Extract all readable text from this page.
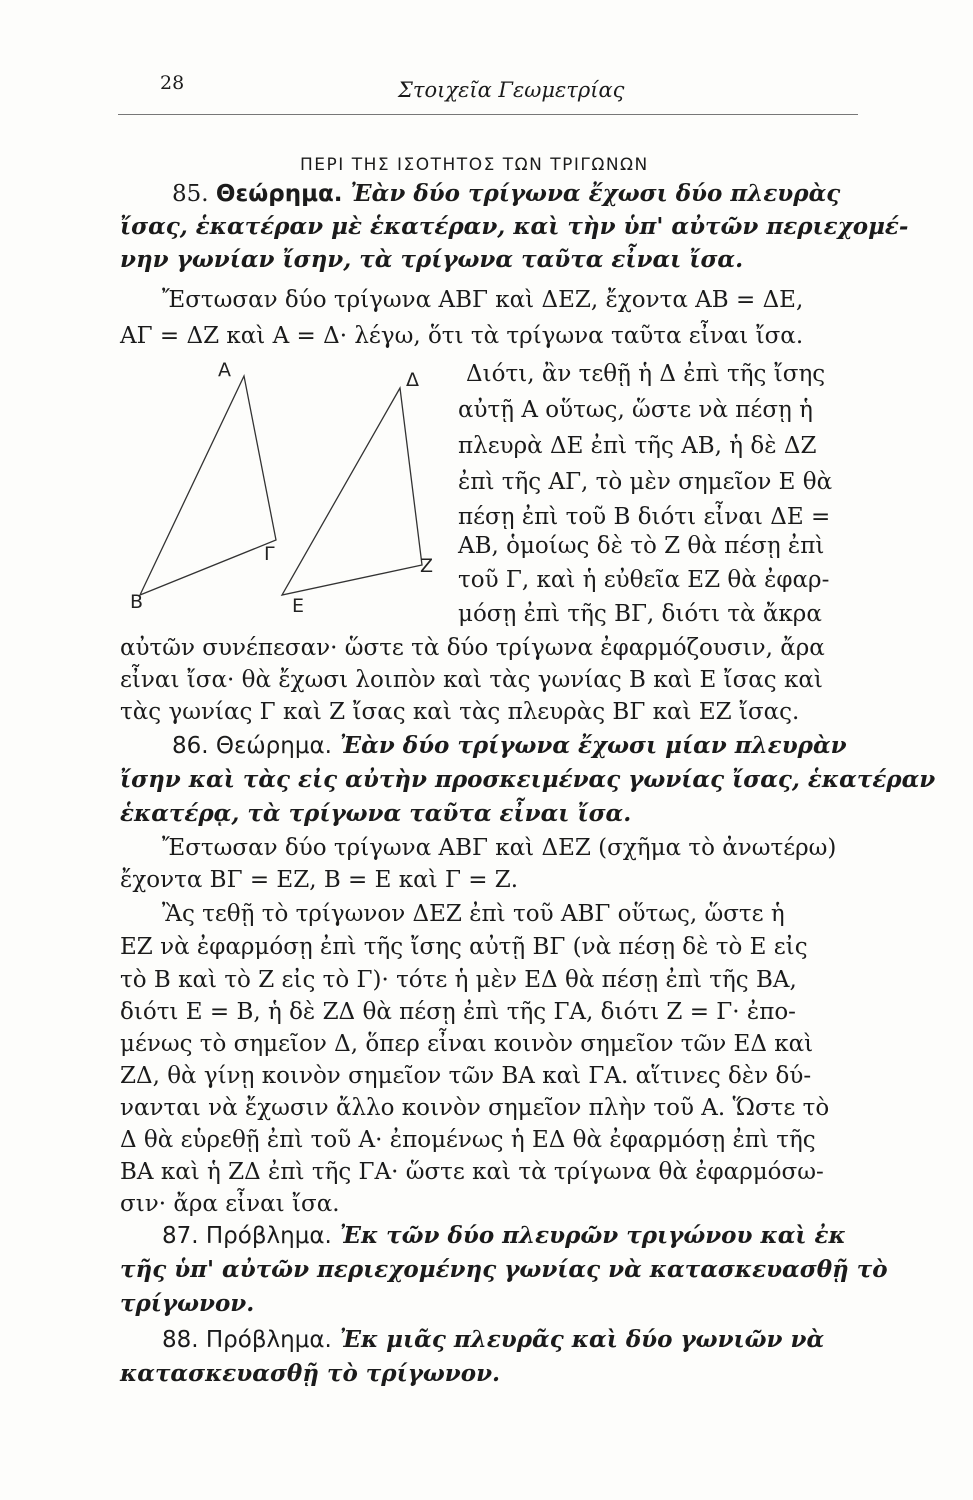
28	Στοιχεῖα Γεωμετρίας
ΠΕΡΙ ΤΗΣ ΙΣΟΤΗΤΟΣ ΤΩΝ ΤΡΙΓΩΝΩΝ
85. Θεώρημα. Ἐὰν δύο τρίγωνα ἔχωσι δύο πλευρὰς
ἴσας, ἑκατέραν μὲ ἑκατέραν, καὶ τὴν ὑπ' αὐτῶν περιεχομέ-
νην γωνίαν ἴσην, τὰ τρίγωνα ταῦτα εἶναι ἴσα.
Ἔστωσαν δύο τρίγωνα ΑΒΓ καὶ ΔΕΖ, ἔχοντα ΑΒ = ΔΕ,
ΑΓ = ΔΖ καὶ Α = Δ· λέγω, ὅτι τὰ τρίγωνα ταῦτα εἶναι ἴσα.
Διότι, ἂν τεθῇ ἡ Δ ἐπὶ τῆς ἴσης
αὐτῇ Α οὕτως, ὥστε νὰ πέσῃ ἡ
πλευρὰ ΔΕ ἐπὶ τῆς ΑΒ, ἡ δὲ ΔΖ
ἐπὶ τῆς ΑΓ, τὸ μὲν σημεῖον Ε θὰ
πέσῃ ἐπὶ τοῦ Β διότι εἶναι ΔΕ =
ΑΒ, ὁμοίως δὲ τὸ Ζ θὰ πέσῃ ἐπὶ
τοῦ Γ, καὶ ἡ εὐθεῖα ΕΖ θὰ ἐφαρ-
μόσῃ ἐπὶ τῆς ΒΓ, διότι τὰ ἄκρα
Α
Β
Γ
Δ
Ε
Ζ
αὐτῶν συνέπεσαν· ὥστε τὰ δύο τρίγωνα ἐφαρμόζουσιν, ἄρα
εἶναι ἴσα· θὰ ἔχωσι λοιπὸν καὶ τὰς γωνίας Β καὶ Ε ἴσας καὶ
τὰς γωνίας Γ καὶ Ζ ἴσας καὶ τὰς πλευρὰς ΒΓ καὶ ΕΖ ἴσας.
86. Θεώρημα. Ἐὰν δύο τρίγωνα ἔχωσι μίαν πλευρὰν
ἴσην καὶ τὰς εἰς αὐτὴν προσκειμένας γωνίας ἴσας, ἑκατέραν
ἑκατέρᾳ, τὰ τρίγωνα ταῦτα εἶναι ἴσα.
Ἔστωσαν δύο τρίγωνα ΑΒΓ καὶ ΔΕΖ (σχῆμα τὸ ἀνωτέρω)
ἔχοντα ΒΓ = ΕΖ, Β = Ε καὶ Γ = Ζ.
Ἂς τεθῇ τὸ τρίγωνον ΔΕΖ ἐπὶ τοῦ ΑΒΓ οὕτως, ὥστε ἡ
ΕΖ νὰ ἐφαρμόσῃ ἐπὶ τῆς ἴσης αὐτῇ ΒΓ (νὰ πέσῃ δὲ τὸ Ε εἰς
τὸ Β καὶ τὸ Ζ εἰς τὸ Γ)· τότε ἡ μὲν ΕΔ θὰ πέσῃ ἐπὶ τῆς ΒΑ,
διότι Ε = Β, ἡ δὲ ΖΔ θὰ πέσῃ ἐπὶ τῆς ΓΑ, διότι Ζ = Γ· ἐπο-
μένως τὸ σημεῖον Δ, ὅπερ εἶναι κοινὸν σημεῖον τῶν ΕΔ καὶ
ΖΔ, θὰ γίνῃ κοινὸν σημεῖον τῶν ΒΑ καὶ ΓΑ. αἵτινες δὲν δύ-
νανται νὰ ἔχωσιν ἄλλο κοινὸν σημεῖον πλὴν τοῦ Α. Ὥστε τὸ
Δ θὰ εὑρεθῇ ἐπὶ τοῦ Α· ἐπομένως ἡ ΕΔ θὰ ἐφαρμόσῃ ἐπὶ τῆς
ΒΑ καὶ ἡ ΖΔ ἐπὶ τῆς ΓΑ· ὥστε καὶ τὰ τρίγωνα θὰ ἐφαρμόσω-
σιν· ἄρα εἶναι ἴσα.
87. Πρόβλημα. Ἐκ τῶν δύο πλευρῶν τριγώνου καὶ ἐκ
τῆς ὑπ' αὐτῶν περιεχομένης γωνίας νὰ κατασκευασθῇ τὸ
τρίγωνον.
88. Πρόβλημα. Ἐκ μιᾶς πλευρᾶς καὶ δύο γωνιῶν νὰ
κατασκευασθῇ τὸ τρίγωνον.
